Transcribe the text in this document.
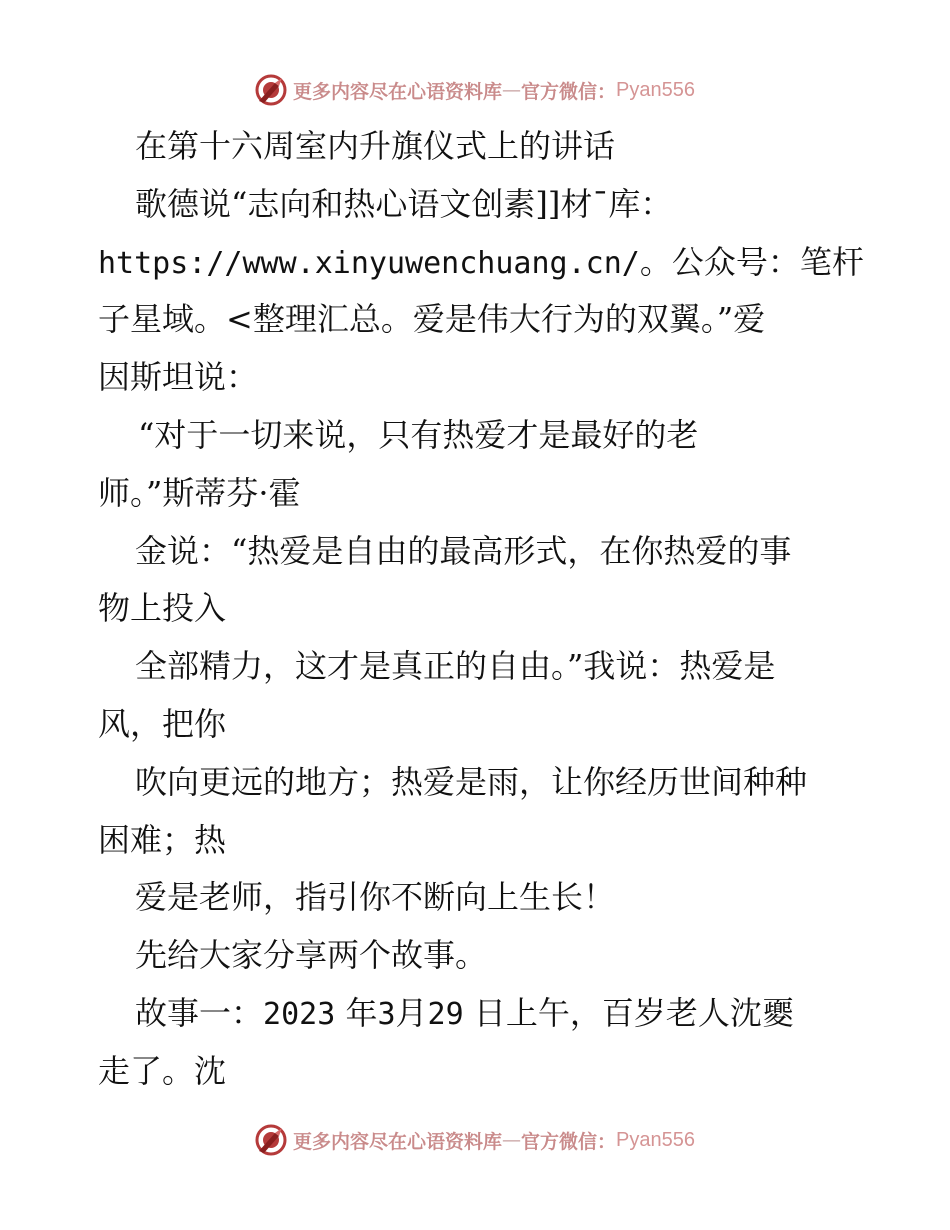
更多内容尽在心语资料库 — 官方微信： Pyan556
在第十六周室内升旗仪式上的讲话
歌德说“志向和热心语文创素]]材¯库：
https://www.xinyuwenchuang.cn/。公众号：笔杆
子星域。<整理汇总。爱是伟大行为的双翼。”爱
因斯坦说：
“对于一切来说，只有热爱才是最好的老
师。”斯蒂芬·霍
金说：“热爱是自由的最高形式，在你热爱的事
物上投入
全部精力，这才是真正的自由。”我说：热爱是
风，把你
吹向更远的地方；热爱是雨，让你经历世间种种
困难；热
爱是老师，指引你不断向上生长！
先给大家分享两个故事。
故事一：2023 年3月29 日上午，百岁老人沈夒
走了。沈
更多内容尽在心语资料库 — 官方微信： Pyan556
